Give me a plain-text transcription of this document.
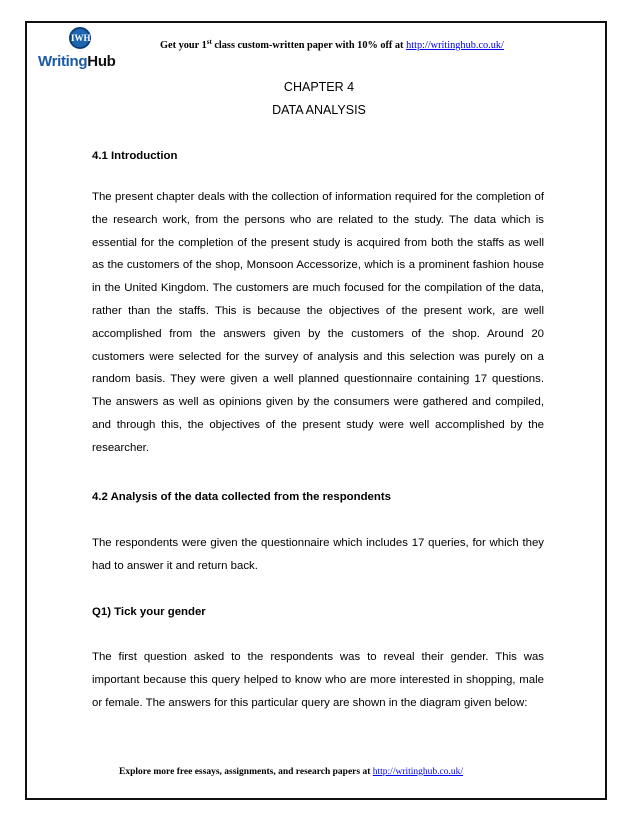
IWH
WritingHub
Get your 1st class custom-written paper with 10% off at http://writinghub.co.uk/
CHAPTER 4
DATA ANALYSIS
4.1 Introduction
The present chapter deals with the collection of information required for the completion of the research work, from the persons who are related to the study. The data which is essential for the completion of the present study is acquired from both the staffs as well as the customers of the shop, Monsoon Accessorize, which is a prominent fashion house in the United Kingdom. The customers are much focused for the compilation of the data, rather than the staffs. This is because the objectives of the present work, are well accomplished from the answers given by the customers of the shop. Around 20 customers were selected for the survey of analysis and this selection was purely on a random basis. They were given a well planned questionnaire containing 17 questions. The answers as well as opinions given by the consumers were gathered and compiled, and through this, the objectives of the present study were well accomplished by the researcher.
4.2 Analysis of the data collected from the respondents
The respondents were given the questionnaire which includes 17 queries, for which they had to answer it and return back.
Q1) Tick your gender
The first question asked to the respondents was to reveal their gender. This was important because this query helped to know who are more interested in shopping, male or female. The answers for this particular query are shown in the diagram given below:
Explore more free essays, assignments, and research papers at http://writinghub.co.uk/
